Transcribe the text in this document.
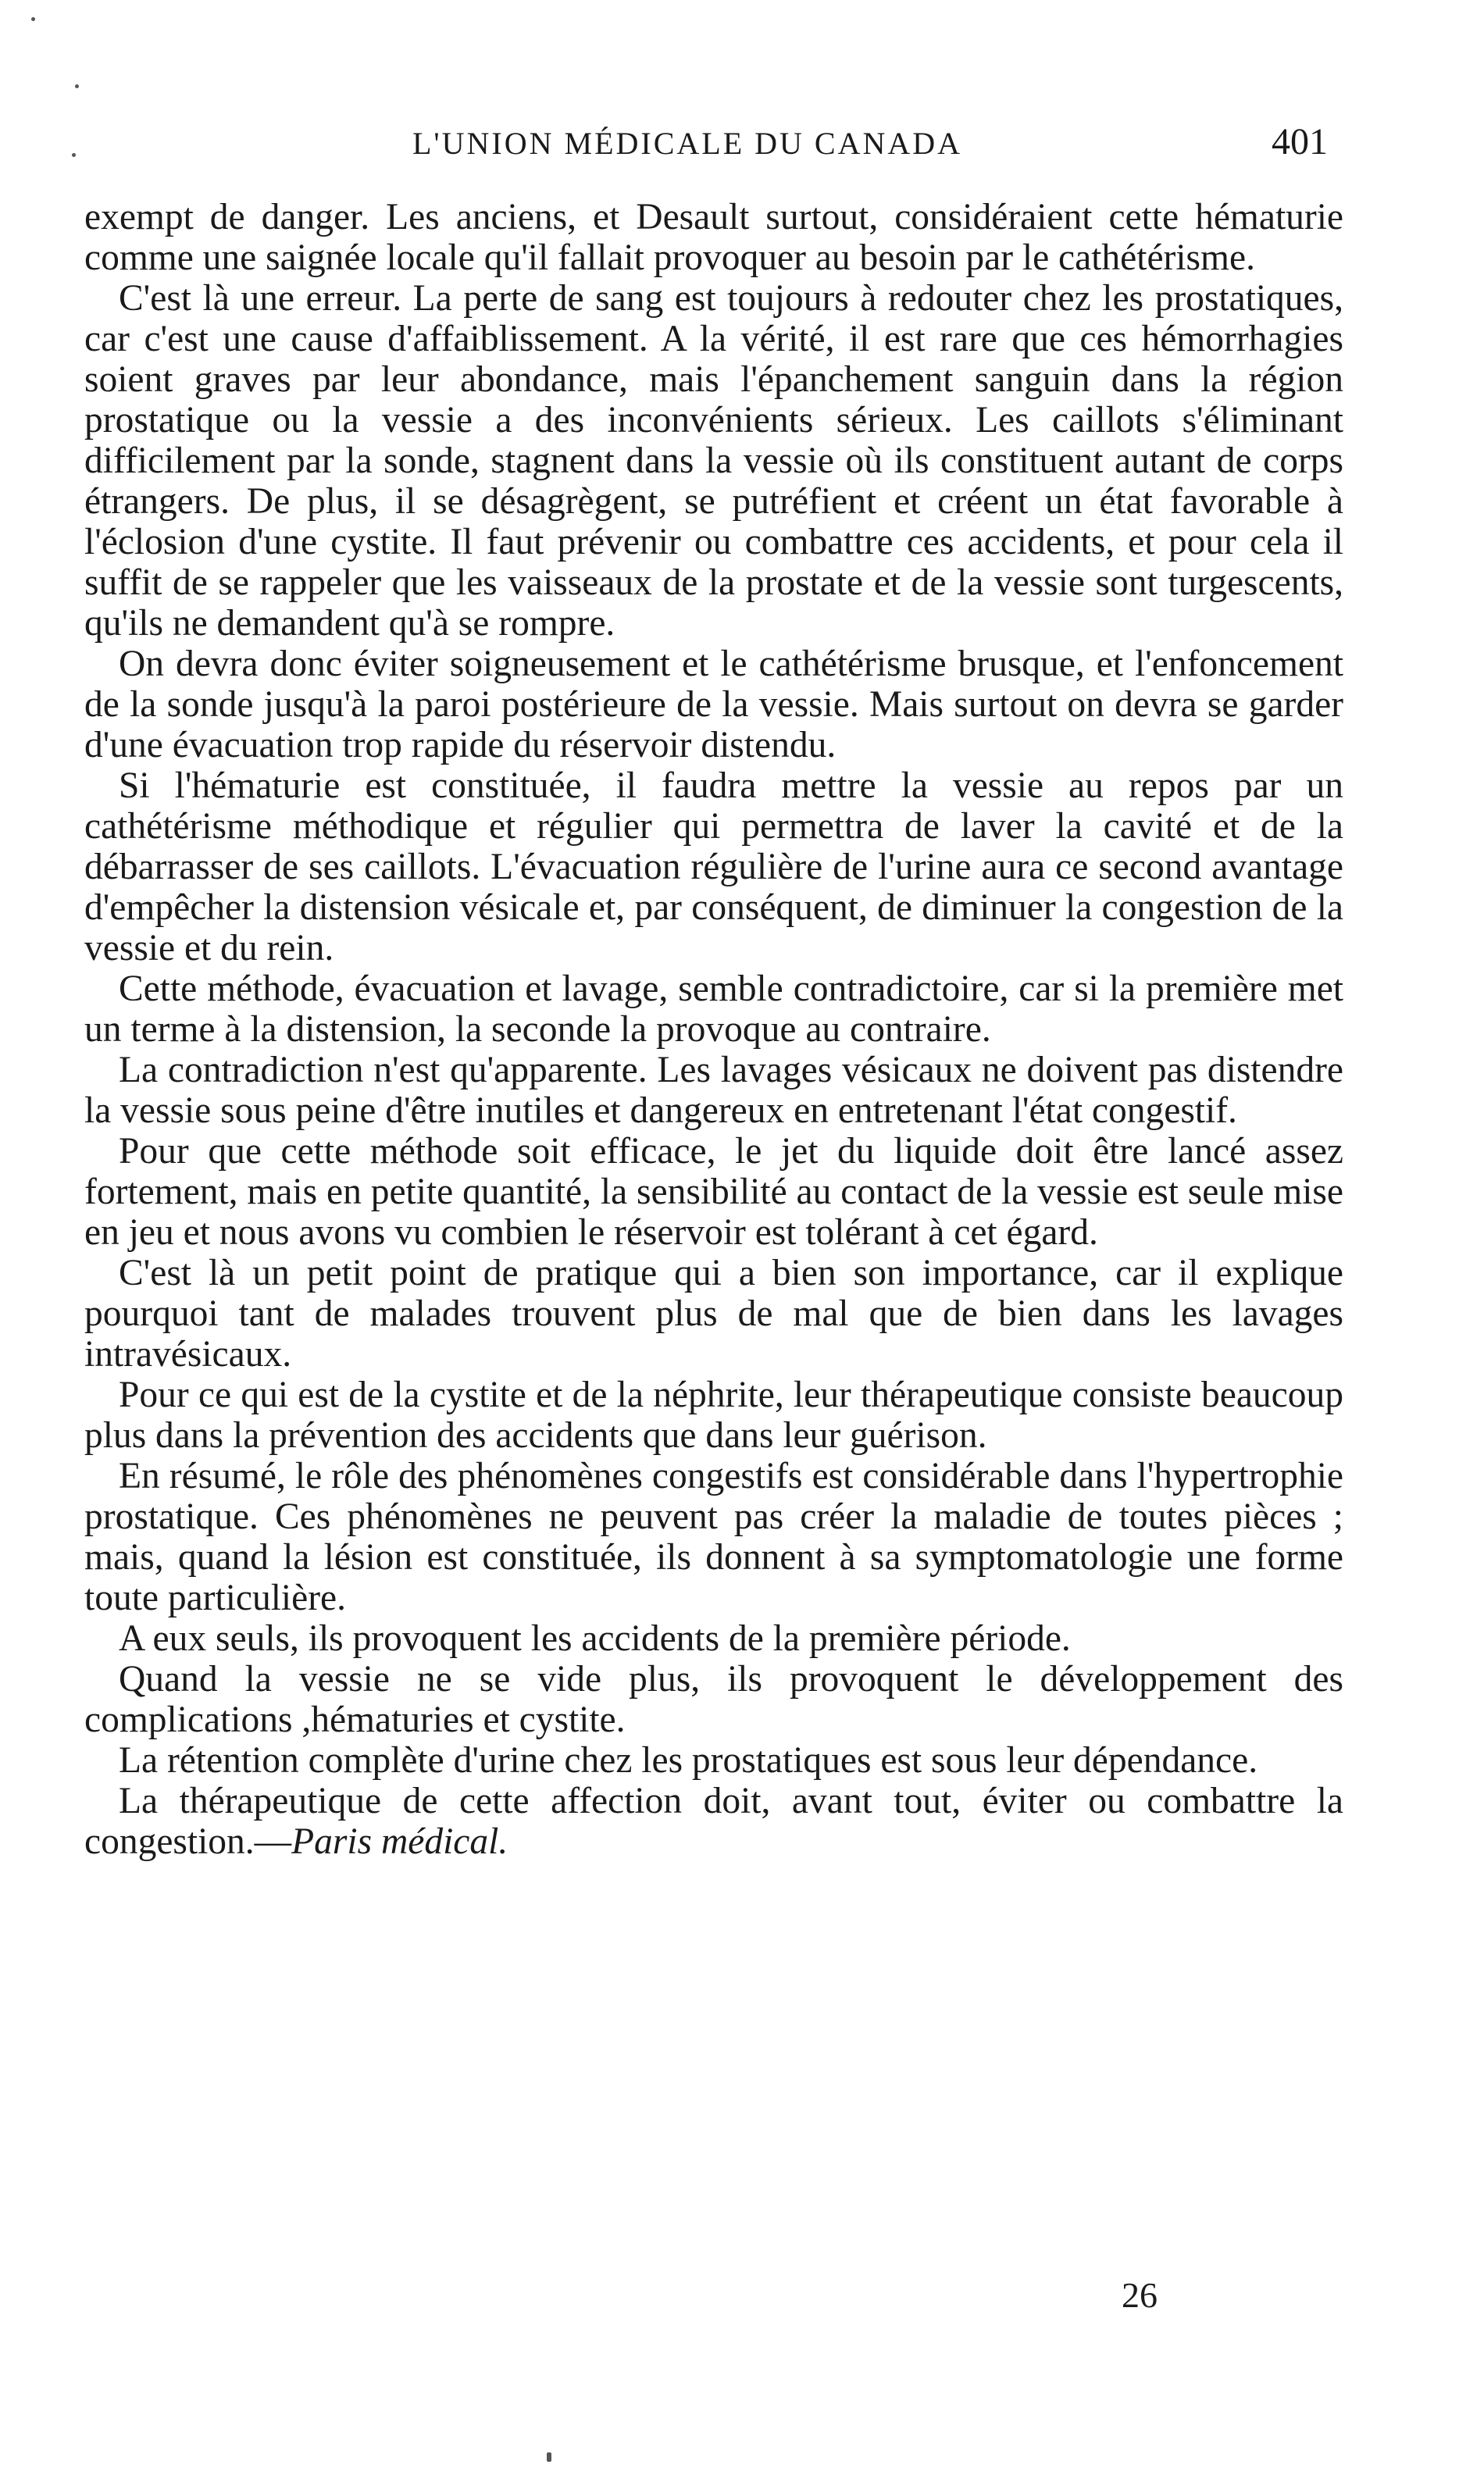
L'UNION MÉDICALE DU CANADA	401

exempt de danger. Les anciens, et Desault surtout, considéraient cette hématurie comme une saignée locale qu'il fallait provoquer au besoin par le cathétérisme.

C'est là une erreur. La perte de sang est toujours à redouter chez les prostatiques, car c'est une cause d'affaiblissement. A la vérité, il est rare que ces hémorrhagies soient graves par leur abondance, mais l'épanchement sanguin dans la région prostatique ou la vessie a des inconvénients sérieux. Les caillots s'éliminant difficilement par la sonde, stagnent dans la vessie où ils constituent autant de corps étrangers. De plus, il se désagrègent, se putréfient et créent un état favorable à l'éclosion d'une cystite. Il faut prévenir ou combattre ces accidents, et pour cela il suffit de se rappeler que les vaisseaux de la prostate et de la vessie sont turgescents, qu'ils ne demandent qu'à se rompre.

On devra donc éviter soigneusement et le cathétérisme brusque, et l'enfoncement de la sonde jusqu'à la paroi postérieure de la vessie. Mais surtout on devra se garder d'une évacuation trop rapide du réservoir distendu.

Si l'hématurie est constituée, il faudra mettre la vessie au repos par un cathétérisme méthodique et régulier qui permettra de laver la cavité et de la débarrasser de ses caillots. L'évacuation régulière de l'urine aura ce second avantage d'empêcher la distension vésicale et, par conséquent, de diminuer la congestion de la vessie et du rein.

Cette méthode, évacuation et lavage, semble contradictoire, car si la première met un terme à la distension, la seconde la provoque au contraire.

La contradiction n'est qu'apparente. Les lavages vésicaux ne doivent pas distendre la vessie sous peine d'être inutiles et dangereux en entretenant l'état congestif.

Pour que cette méthode soit efficace, le jet du liquide doit être lancé assez fortement, mais en petite quantité, la sensibilité au contact de la vessie est seule mise en jeu et nous avons vu combien le réservoir est tolérant à cet égard.

C'est là un petit point de pratique qui a bien son importance, car il explique pourquoi tant de malades trouvent plus de mal que de bien dans les lavages intravésicaux.

Pour ce qui est de la cystite et de la néphrite, leur thérapeutique consiste beaucoup plus dans la prévention des accidents que dans leur guérison.

En résumé, le rôle des phénomènes congestifs est considérable dans l'hypertrophie prostatique. Ces phénomènes ne peuvent pas créer la maladie de toutes pièces ; mais, quand la lésion est constituée, ils donnent à sa symptomatologie une forme toute particulière.

A eux seuls, ils provoquent les accidents de la première période.

Quand la vessie ne se vide plus, ils provoquent le développement des complications ,hématuries et cystite.

La rétention complète d'urine chez les prostatiques est sous leur dépendance.

La thérapeutique de cette affection doit, avant tout, éviter ou combattre la congestion.—Paris médical.

26
